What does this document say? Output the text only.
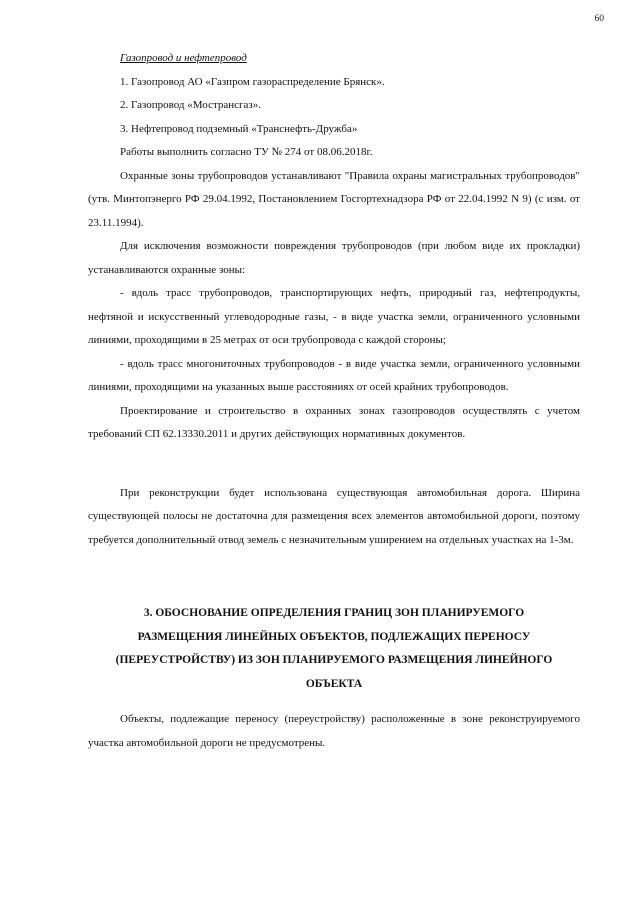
60

Газопровод и нефтепровод

1. Газопровод АО «Газпром газораспределение Брянск».

2. Газопровод «Мострансгаз».

3. Нефтепровод подземный «Транснефть-Дружба»

Работы выполнить согласно ТУ № 274 от 08.06.2018г.

Охранные зоны трубопроводов устанавливают "Правила охраны магистральных трубопроводов" (утв. Минтопэнерго РФ 29.04.1992, Постановлением Госгортехнадзора РФ от 22.04.1992 N 9) (с изм. от 23.11.1994).

Для исключения возможности повреждения трубопроводов (при любом виде их прокладки) устанавливаются охранные зоны:

- вдоль трасс трубопроводов, транспортирующих нефть, природный газ, нефтепродукты, нефтяной и искусственный углеводородные газы, - в виде участка земли, ограниченного условными линиями, проходящими в 25 метрах от оси трубопровода с каждой стороны;

- вдоль трасс многониточных трубопроводов - в виде участка земли, ограниченного условными линиями, проходящими на указанных выше расстояниях от осей крайних трубопроводов.

Проектирование и строительство в охранных зонах газопроводов осуществлять с учетом требований СП 62.13330.2011 и других действующих нормативных документов.

При реконструкции будет использована существующая автомобильная дорога. Ширина существующей полосы не достаточна для размещения всех элементов автомобильной дороги, поэтому требуется дополнительный отвод земель с незначительным уширением на отдельных участках на 1-3м.

3. ОБОСНОВАНИЕ ОПРЕДЕЛЕНИЯ ГРАНИЦ ЗОН ПЛАНИРУЕМОГО РАЗМЕЩЕНИЯ ЛИНЕЙНЫХ ОБЪЕКТОВ, ПОДЛЕЖАЩИХ ПЕРЕНОСУ (ПЕРЕУСТРОЙСТВУ) ИЗ ЗОН ПЛАНИРУЕМОГО РАЗМЕЩЕНИЯ ЛИНЕЙНОГО ОБЪЕКТА

Объекты, подлежащие переносу (переустройству) расположенные в зоне реконструируемого участка автомобильной дороги не предусмотрены.
